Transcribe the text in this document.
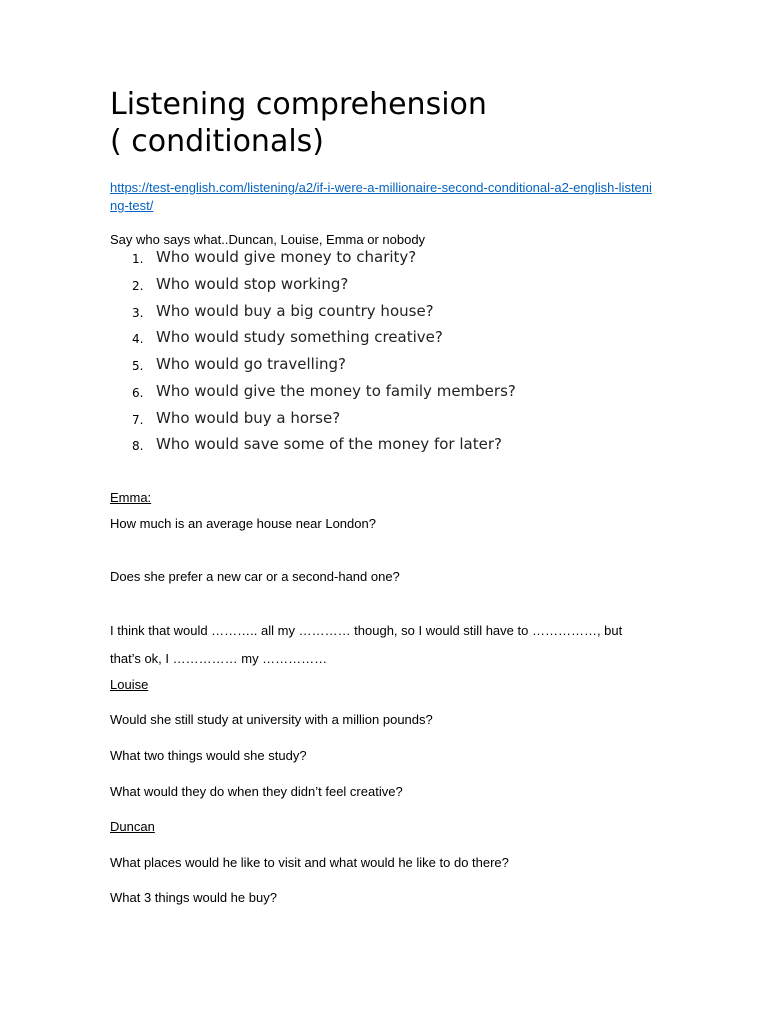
Listening comprehension
( conditionals)
https://test-english.com/listening/a2/if-i-were-a-millionaire-second-conditional-a2-english-listening-test/
Say who says what..Duncan, Louise, Emma or nobody
1. Who would give money to charity?
2. Who would stop working?
3. Who would buy a big country house?
4. Who would study something creative?
5. Who would go travelling?
6. Who would give the money to family members?
7. Who would buy a horse?
8. Who would save some of the money for later?
Emma:
How much is an average house near London?
Does she prefer a new car or a second-hand one?
I think that would ……….. all my ………… though, so I would still have to ……………, but
that’s ok, I …………… my ……………
Louise
Would she still study at university with a million pounds?
What two things would she study?
What would they do when they didn’t feel creative?
Duncan
What places would he like to visit and what would he like to do there?
What 3 things would he buy?
